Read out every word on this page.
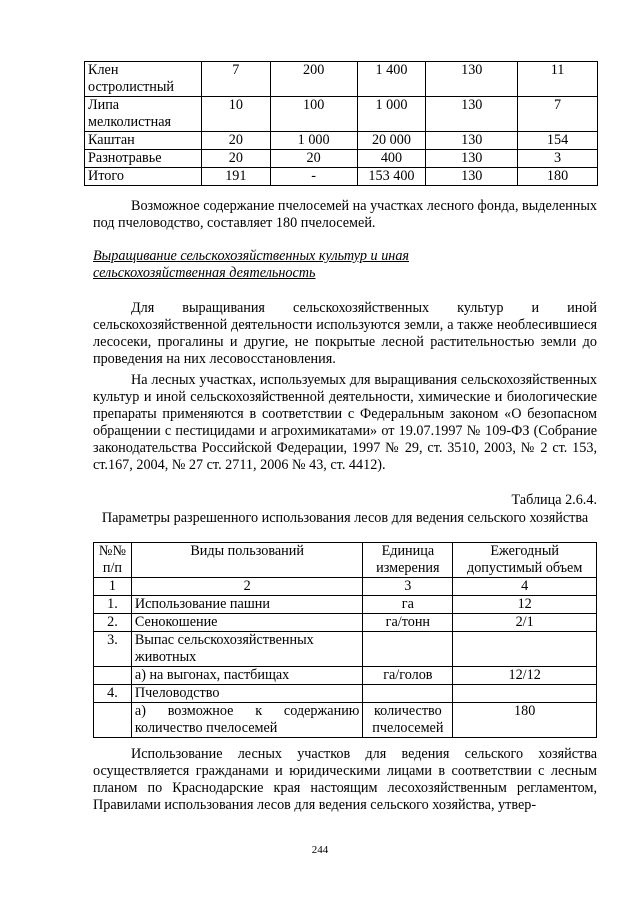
Клен остролистный	7	200	1 400	130	11
Липа мелколистная	10	100	1 000	130	7
Каштан	20	1 000	20 000	130	154
Разнотравье	20	20	400	130	3
Итого	191	-	153 400	130	180

Возможное содержание пчелосемей на участках лесного фонда, выделенных под пчеловодство, составляет 180 пчелосемей.

Выращивание сельскохозяйственных культур и иная сельскохозяйственная деятельность

Для выращивания сельскохозяйственных культур и иной сельскохозяйственной деятельности используются земли, а также необлесившиеся лесосеки, прогалины и другие, не покрытые лесной растительностью земли до проведения на них лесовосстановления.

На лесных участках, используемых для выращивания сельскохозяйственных культур и иной сельскохозяйственной деятельности, химические и биологические препараты применяются в соответствии с Федеральным законом «О безопасном обращении с пестицидами и агрохимикатами» от 19.07.1997 № 109-ФЗ (Собрание законодательства Российской Федерации, 1997 № 29, ст. 3510, 2003, № 2 ст. 153, ст.167, 2004, № 27 ст. 2711, 2006 № 43, ст. 4412).

Таблица 2.6.4.

Параметры разрешенного использования лесов для ведения сельского хозяйства

№№ п/п	Виды пользований	Единица измерения	Ежегодный допустимый объем
1	2	3	4
1.	Использование пашни	га	12
2.	Сенокошение	га/тонн	2/1
3.	Выпас сельскохозяйственных животных		
	а) на выгонах, пастбищах	га/голов	12/12
4.	Пчеловодство		
	а) возможное к содержанию количество пчелосемей	количество пчелосемей	180

Использование лесных участков для ведения сельского хозяйства осуществляется гражданами и юридическими лицами в соответствии с лесным планом по Краснодарские края настоящим лесохозяйственным регламентом, Правилами использования лесов для ведения сельского хозяйства, утвер-

244
